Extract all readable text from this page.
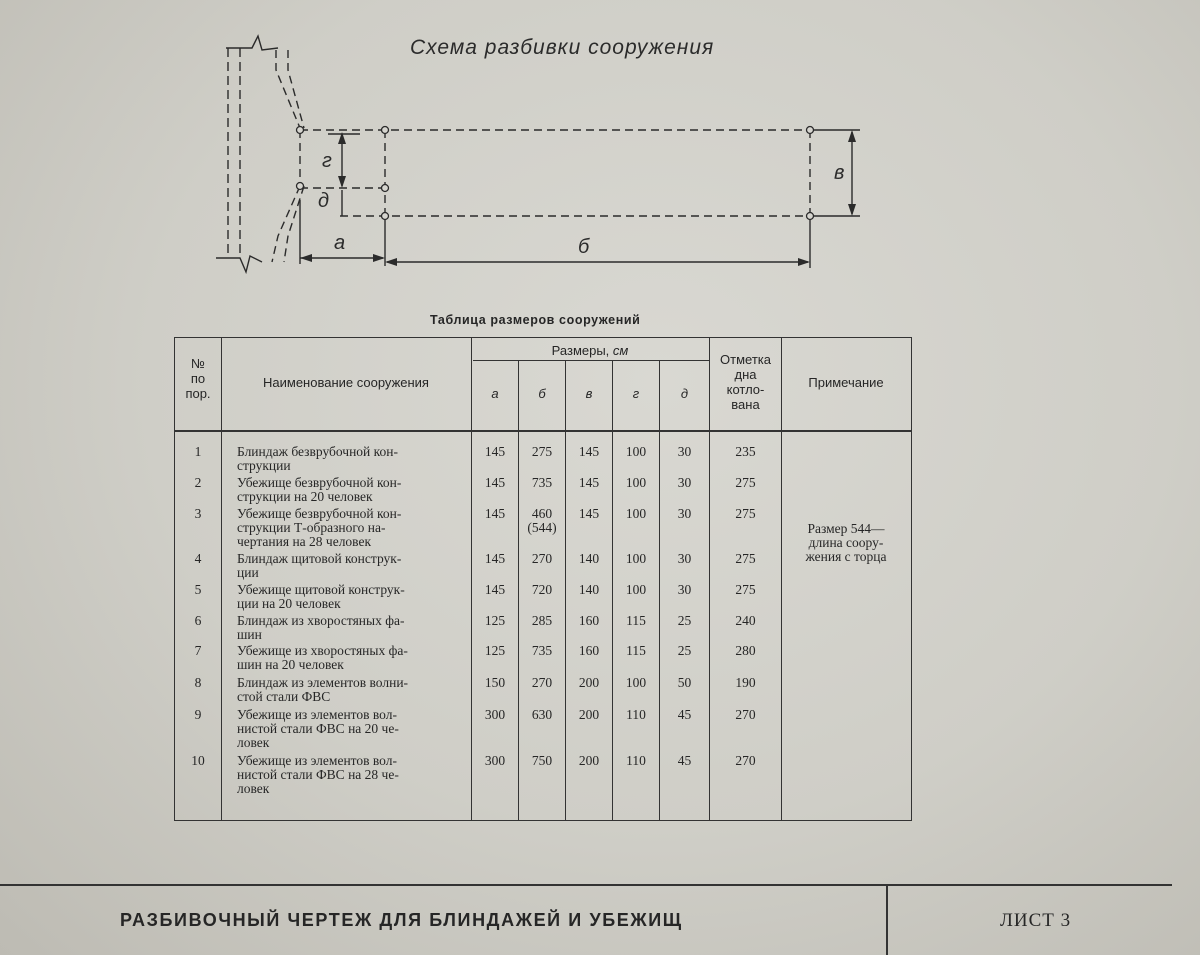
Схема разбивки сооружения
г
д
в
а	б
Таблица размеров сооружений
№
по
пор.
Наименование сооружения
Размеры, см
а	б	в	г	д
Отметка
дна
котло-
вана
Примечание
1	Блиндаж безврубочной кон-
струкции
145	275	145	100	30	235
2	Убежище безврубочной кон-
струкции на 20 человек
145	735	145	100	30	275
3	Убежище безврубочной кон-
струкции Т-образного на-
чертания на 28 человек
145	460
(544)
145	100	30	275
4	Блиндаж щитовой конструк-
ции
145	270	140	100	30	275
5	Убежище щитовой конструк-
ции на 20 человек
145	720	140	100	30	275
6	Блиндаж из хворостяных фа-
шин
125	285	160	115	25	240
7	Убежище из хворостяных фа-
шин на 20 человек
125	735	160	115	25	280
8	Блиндаж из элементов волни-
стой стали ФВС
150	270	200	100	50	190
9	Убежище из элементов вол-
нистой стали ФВС на 20 че-
ловек
300	630	200	110	45	270
10	Убежище из элементов вол-
нистой стали ФВС на 28 че-
ловек
300	750	200	110	45	270
Размер 544—
длина соору-
жения с торца
РАЗБИВОЧНЫЙ ЧЕРТЕЖ ДЛЯ БЛИНДАЖЕЙ И УБЕЖИЩ	ЛИСТ 3
